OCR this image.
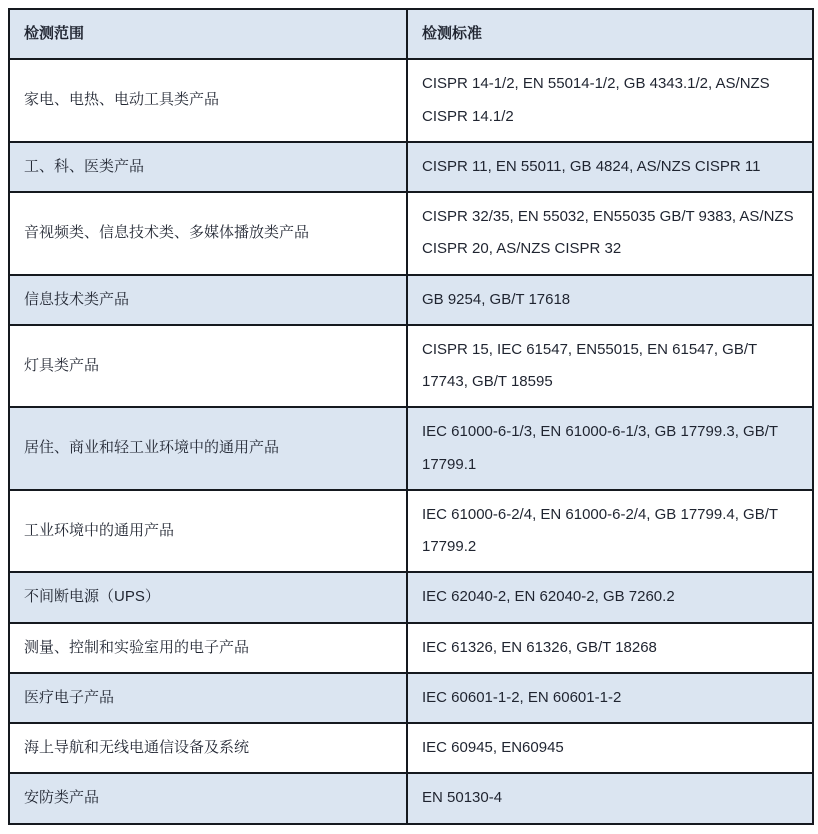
检测范围	检测标准
家电、电热、电动工具类产品	CISPR 14-1/2, EN 55014-1/2, GB 4343.1/2, AS/NZS CISPR 14.1/2
工、科、医类产品	CISPR 11, EN 55011, GB 4824, AS/NZS CISPR 11
音视频类、信息技术类、多媒体播放类产品	CISPR 32/35, EN 55032, EN55035 GB/T 9383, AS/NZS CISPR 20, AS/NZS CISPR 32
信息技术类产品	GB 9254, GB/T 17618
灯具类产品	CISPR 15, IEC 61547, EN55015, EN 61547, GB/T 17743, GB/T 18595
居住、商业和轻工业环境中的通用产品	IEC 61000-6-1/3, EN 61000-6-1/3, GB 17799.3, GB/T 17799.1
工业环境中的通用产品	IEC 61000-6-2/4, EN 61000-6-2/4, GB 17799.4, GB/T 17799.2
不间断电源（UPS）	IEC 62040-2, EN 62040-2, GB 7260.2
测量、控制和实验室用的电子产品	IEC 61326, EN 61326, GB/T 18268
医疗电子产品	IEC 60601-1-2, EN 60601-1-2
海上导航和无线电通信设备及系统	IEC 60945, EN60945
安防类产品	EN 50130-4
